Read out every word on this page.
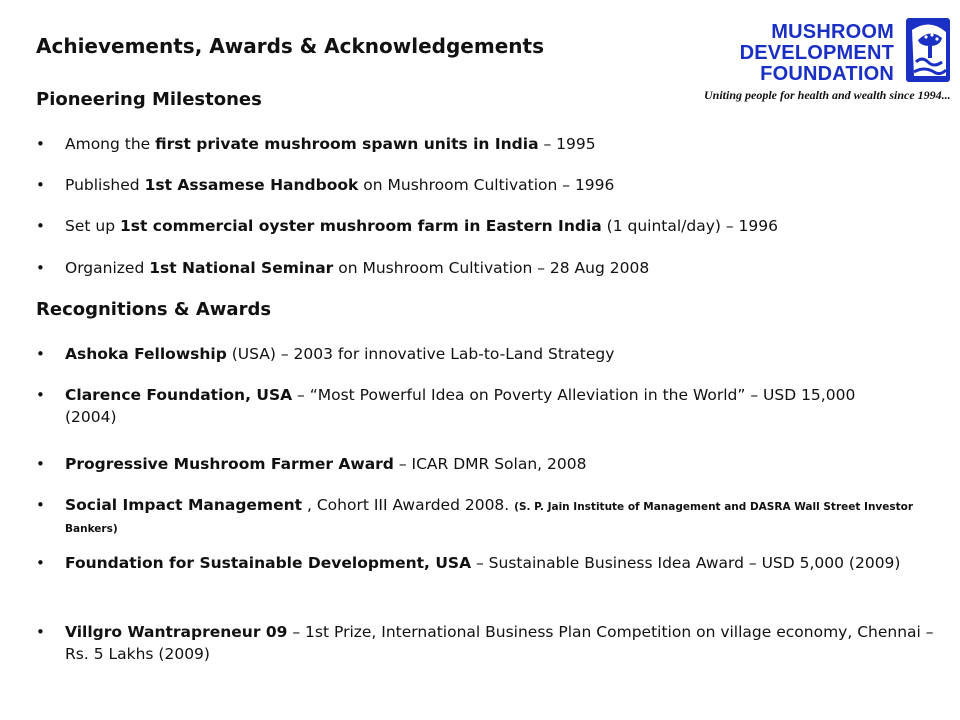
Achievements, Awards & Acknowledgements
MUSHROOM
DEVELOPMENT
FOUNDATION
Uniting people for health and wealth since 1994...
Pioneering Milestones
• Among the first private mushroom spawn units in India – 1995
• Published 1st Assamese Handbook on Mushroom Cultivation – 1996
• Set up 1st commercial oyster mushroom farm in Eastern India (1 quintal/day) – 1996
• Organized 1st National Seminar on Mushroom Cultivation – 28 Aug 2008
Recognitions & Awards
• Ashoka Fellowship (USA) – 2003 for innovative Lab-to-Land Strategy
• Clarence Foundation, USA – “Most Powerful Idea on Poverty Alleviation in the World” – USD 15,000 (2004)
• Progressive Mushroom Farmer Award – ICAR DMR Solan, 2008
• Social Impact Management , Cohort III Awarded 2008. (S. P. Jain Institute of Management and DASRA Wall Street Investor Bankers)
• Foundation for Sustainable Development, USA – Sustainable Business Idea Award – USD 5,000 (2009)
• Villgro Wantrapreneur 09 – 1st Prize, International Business Plan Competition on village economy, Chennai – Rs. 5 Lakhs (2009)
